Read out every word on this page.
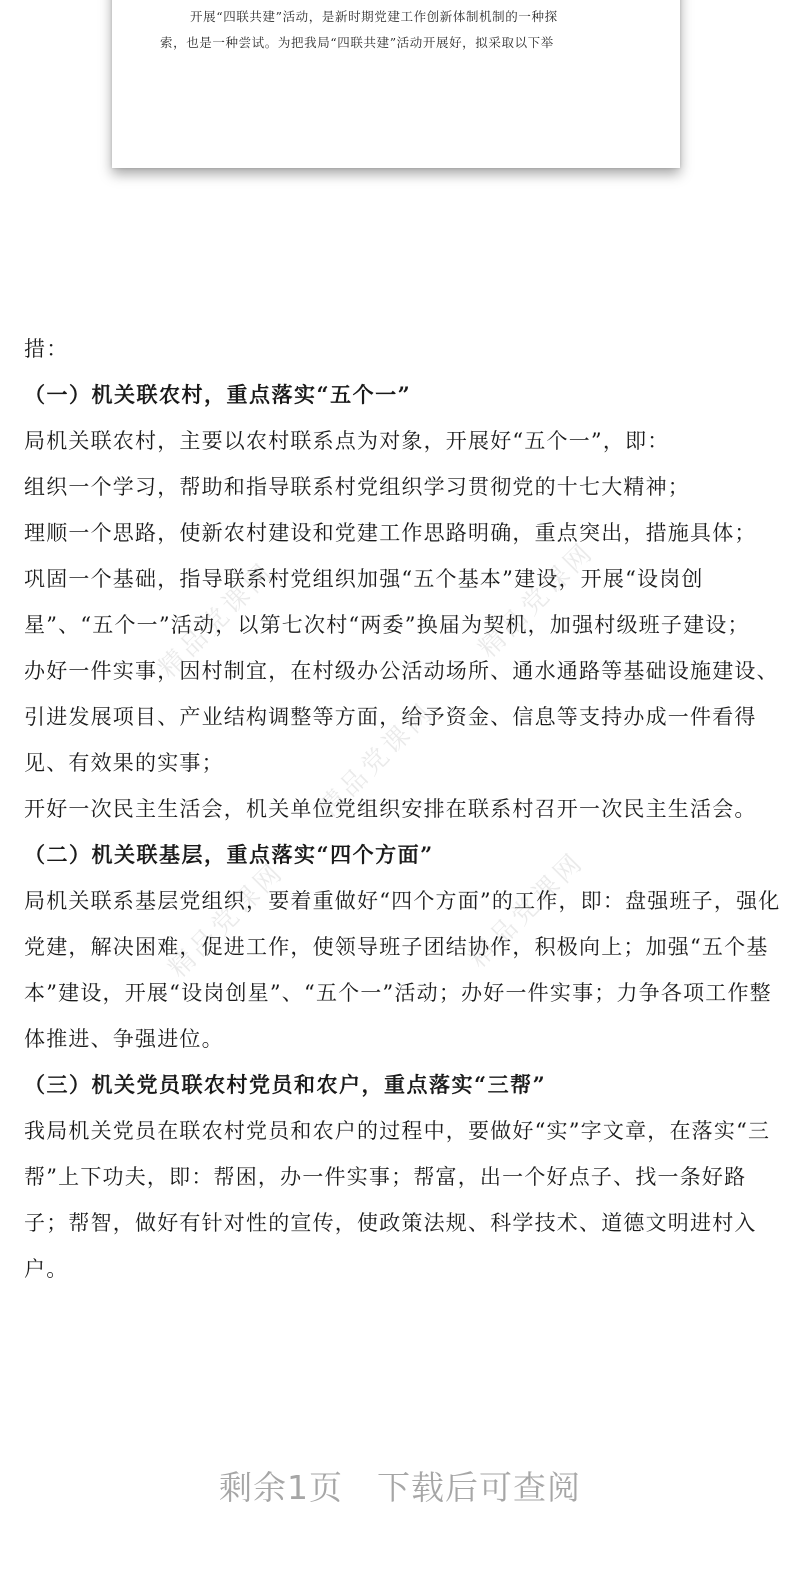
开展“四联共建”活动，是新时期党建工作创新体制机制的一种探
索，也是一种尝试。为把我局“四联共建”活动开展好，拟采取以下举
精品党课网	精品党课网
精品党课网
精品党课网	精品党课网

措：

（一）机关联农村，重点落实“五个一”

局机关联农村，主要以农村联系点为对象，开展好“五个一”，即：

组织一个学习，帮助和指导联系村党组织学习贯彻党的十七大精神；

理顺一个思路，使新农村建设和党建工作思路明确，重点突出，措施具体；

巩固一个基础，指导联系村党组织加强“五个基本”建设，开展“设岗创星”、“五个一”活动，以第七次村“两委”换届为契机，加强村级班子建设；

办好一件实事，因村制宜，在村级办公活动场所、通水通路等基础设施建设、引进发展项目、产业结构调整等方面，给予资金、信息等支持办成一件看得见、有效果的实事；

开好一次民主生活会，机关单位党组织安排在联系村召开一次民主生活会。

（二）机关联基层，重点落实“四个方面”

局机关联系基层党组织，要着重做好“四个方面”的工作，即：盘强班子，强化党建，解决困难，促进工作，使领导班子团结协作，积极向上；加强“五个基本”建设，开展“设岗创星”、“五个一”活动；办好一件实事；力争各项工作整体推进、争强进位。

（三）机关党员联农村党员和农户，重点落实“三帮”

我局机关党员在联农村党员和农户的过程中，要做好“实”字文章，在落实“三帮”上下功夫，即：帮困，办一件实事；帮富，出一个好点子、找一条好路子；帮智，做好有针对性的宣传，使政策法规、科学技术、道德文明进村入户。

剩余1页 下载后可查阅
